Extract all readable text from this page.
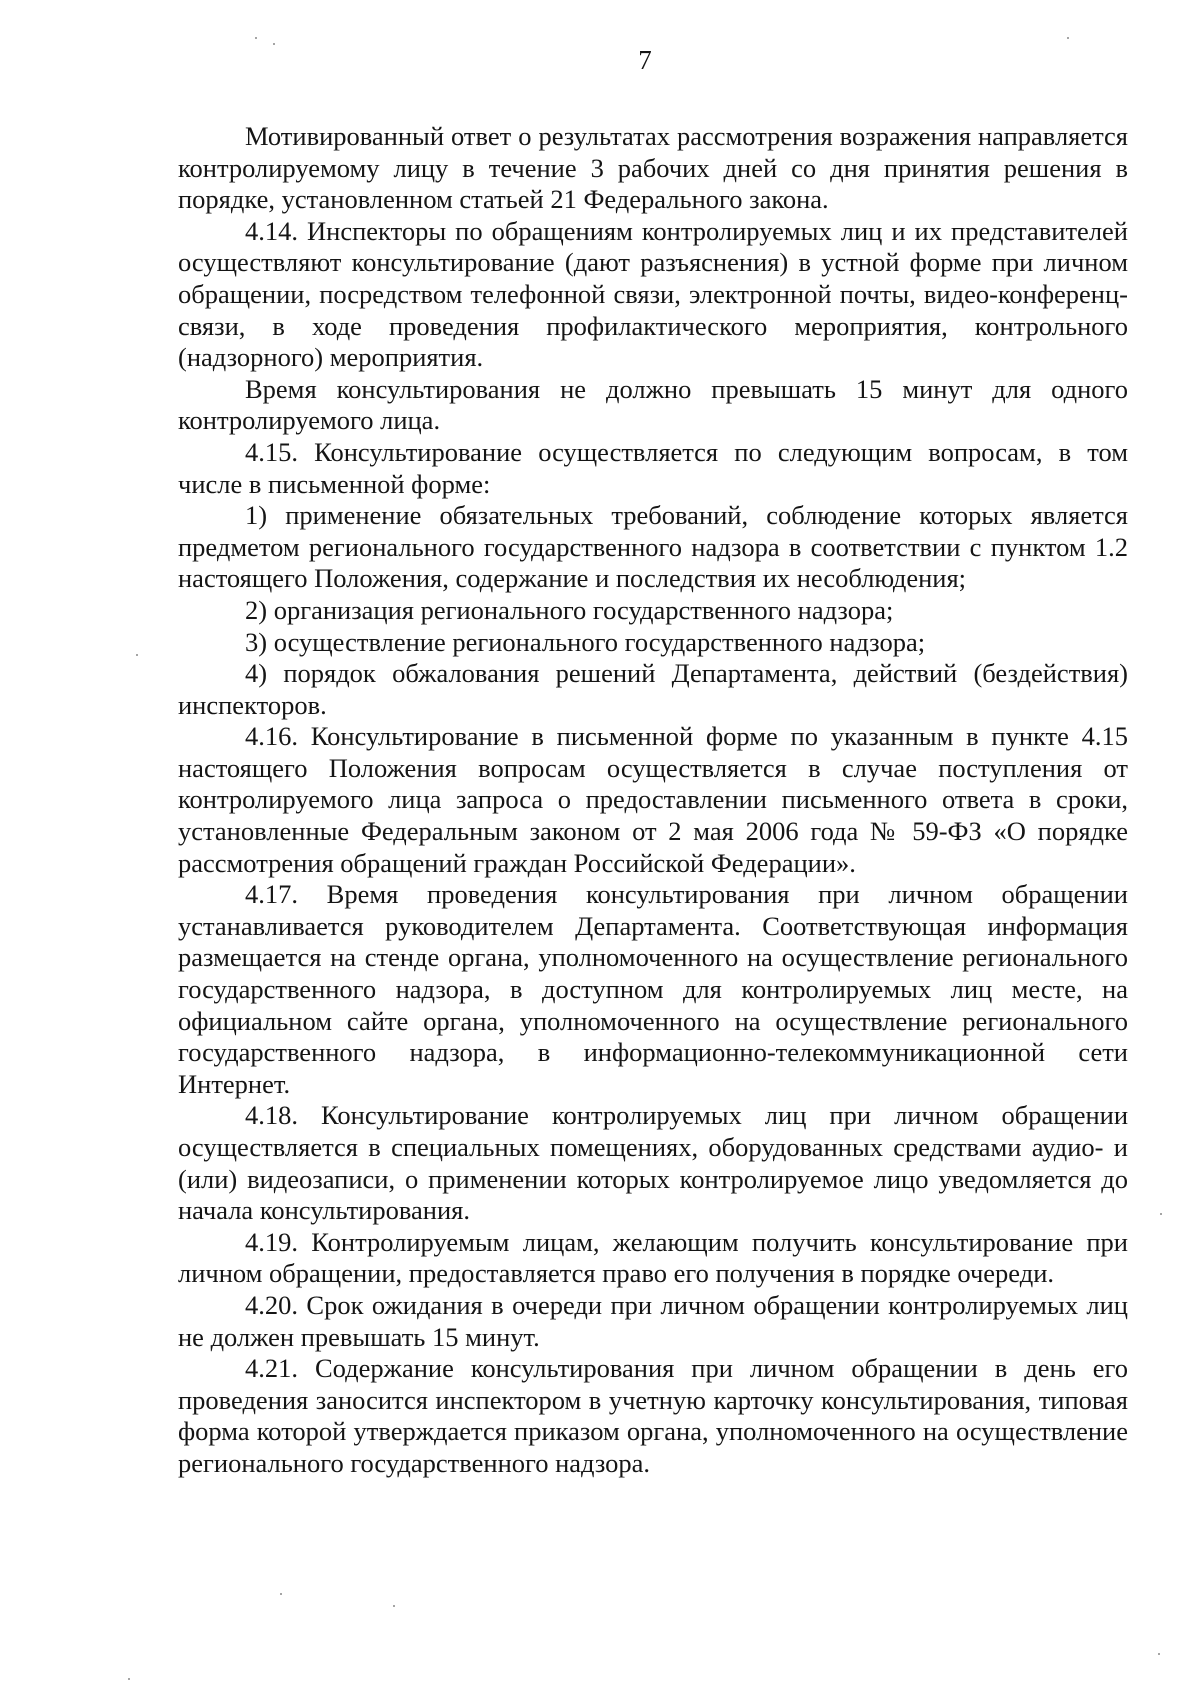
7

Мотивированный ответ о результатах рассмотрения возражения направляется контролируемому лицу в течение 3 рабочих дней со дня принятия решения в порядке, установленном статьей 21 Федерального закона.

4.14. Инспекторы по обращениям контролируемых лиц и их представителей осуществляют консультирование (дают разъяснения) в устной форме при личном обращении, посредством телефонной связи, электронной почты, видео-конференц-связи, в ходе проведения профилактического мероприятия, контрольного (надзорного) мероприятия.

Время консультирования не должно превышать 15 минут для одного контролируемого лица.

4.15. Консультирование осуществляется по следующим вопросам, в том числе в письменной форме:

1) применение обязательных требований, соблюдение которых является предметом регионального государственного надзора в соответствии с пунктом 1.2 настоящего Положения, содержание и последствия их несоблюдения;

2) организация регионального государственного надзора;

3) осуществление регионального государственного надзора;

4) порядок обжалования решений Департамента, действий (бездействия) инспекторов.

4.16. Консультирование в письменной форме по указанным в пункте 4.15 настоящего Положения вопросам осуществляется в случае поступления от контролируемого лица запроса о предоставлении письменного ответа в сроки, установленные Федеральным законом от 2 мая 2006 года № 59-ФЗ «О порядке рассмотрения обращений граждан Российской Федерации».

4.17. Время проведения консультирования при личном обращении устанавливается руководителем Департамента. Соответствующая информация размещается на стенде органа, уполномоченного на осуществление регионального государственного надзора, в доступном для контролируемых лиц месте, на официальном сайте органа, уполномоченного на осуществление регионального государственного надзора, в информационно-телекоммуникационной сети Интернет.

4.18. Консультирование контролируемых лиц при личном обращении осуществляется в специальных помещениях, оборудованных средствами аудио- и (или) видеозаписи, о применении которых контролируемое лицо уведомляется до начала консультирования.

4.19. Контролируемым лицам, желающим получить консультирование при личном обращении, предоставляется право его получения в порядке очереди.

4.20. Срок ожидания в очереди при личном обращении контролируемых лиц не должен превышать 15 минут.

4.21. Содержание консультирования при личном обращении в день его проведения заносится инспектором в учетную карточку консультирования, типовая форма которой утверждается приказом органа, уполномоченного на осуществление регионального государственного надзора.
